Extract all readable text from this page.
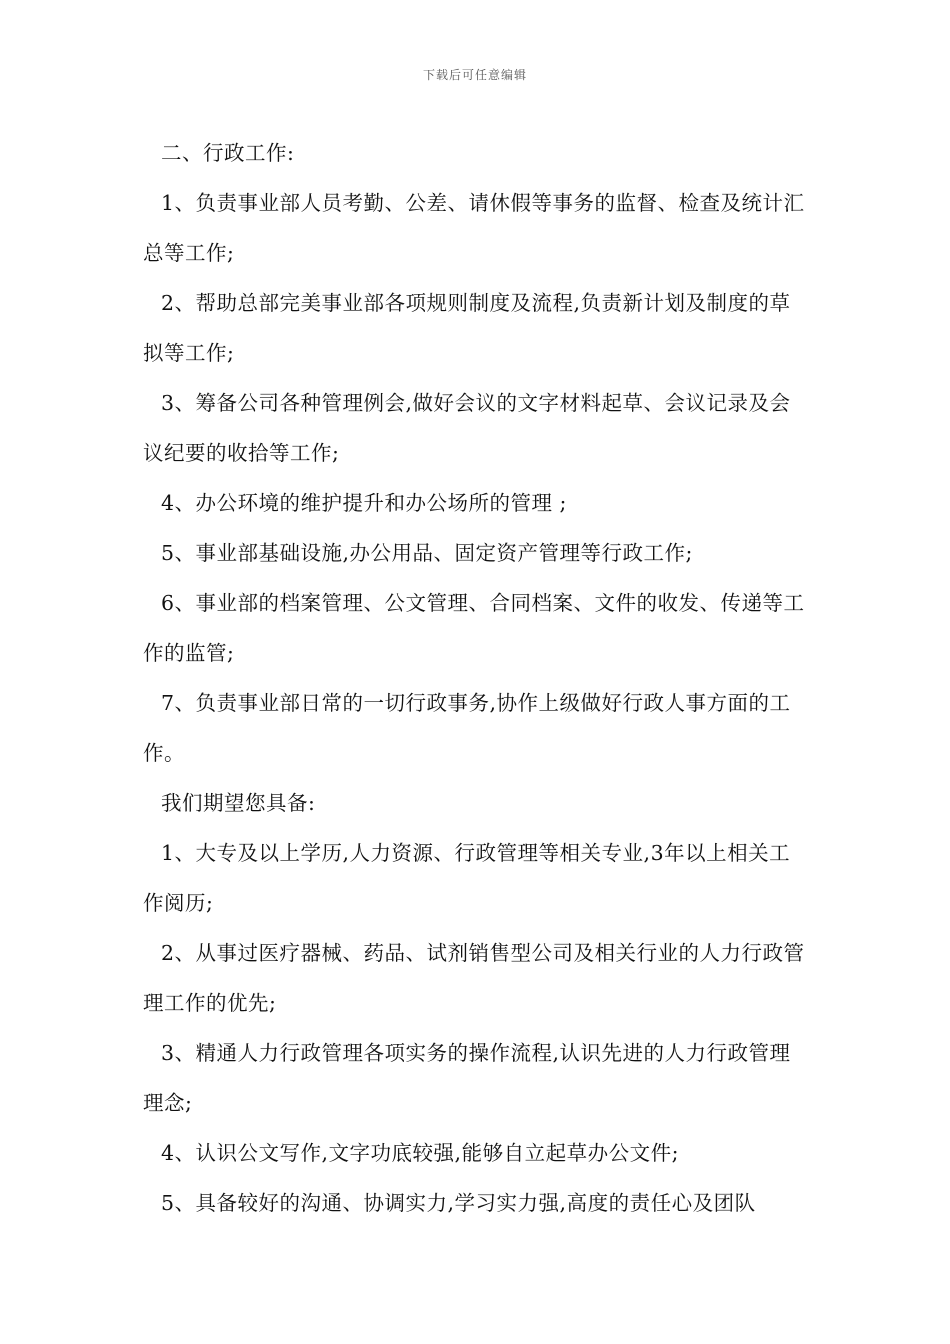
下载后可任意编辑

二、行政工作:

1、负责事业部人员考勤、公差、请休假等事务的监督、检查及统计汇总等工作;

2、帮助总部完美事业部各项规则制度及流程,负责新计划及制度的草拟等工作;

3、筹备公司各种管理例会,做好会议的文字材料起草、会议记录及会议纪要的收拾等工作;

4、办公环境的维护提升和办公场所的管理 ;

5、事业部基础设施,办公用品、固定资产管理等行政工作;

6、事业部的档案管理、公文管理、合同档案、文件的收发、传递等工作的监管;

7、负责事业部日常的一切行政事务,协作上级做好行政人事方面的工作。

我们期望您具备:

1、大专及以上学历,人力资源、行政管理等相关专业,3年以上相关工作阅历;

2、从事过医疗器械、药品、试剂销售型公司及相关行业的人力行政管理工作的优先;

3、精通人力行政管理各项实务的操作流程,认识先进的人力行政管理理念;

4、认识公文写作,文字功底较强,能够自立起草办公文件;

5、具备较好的沟通、协调实力,学习实力强,高度的责任心及团队
